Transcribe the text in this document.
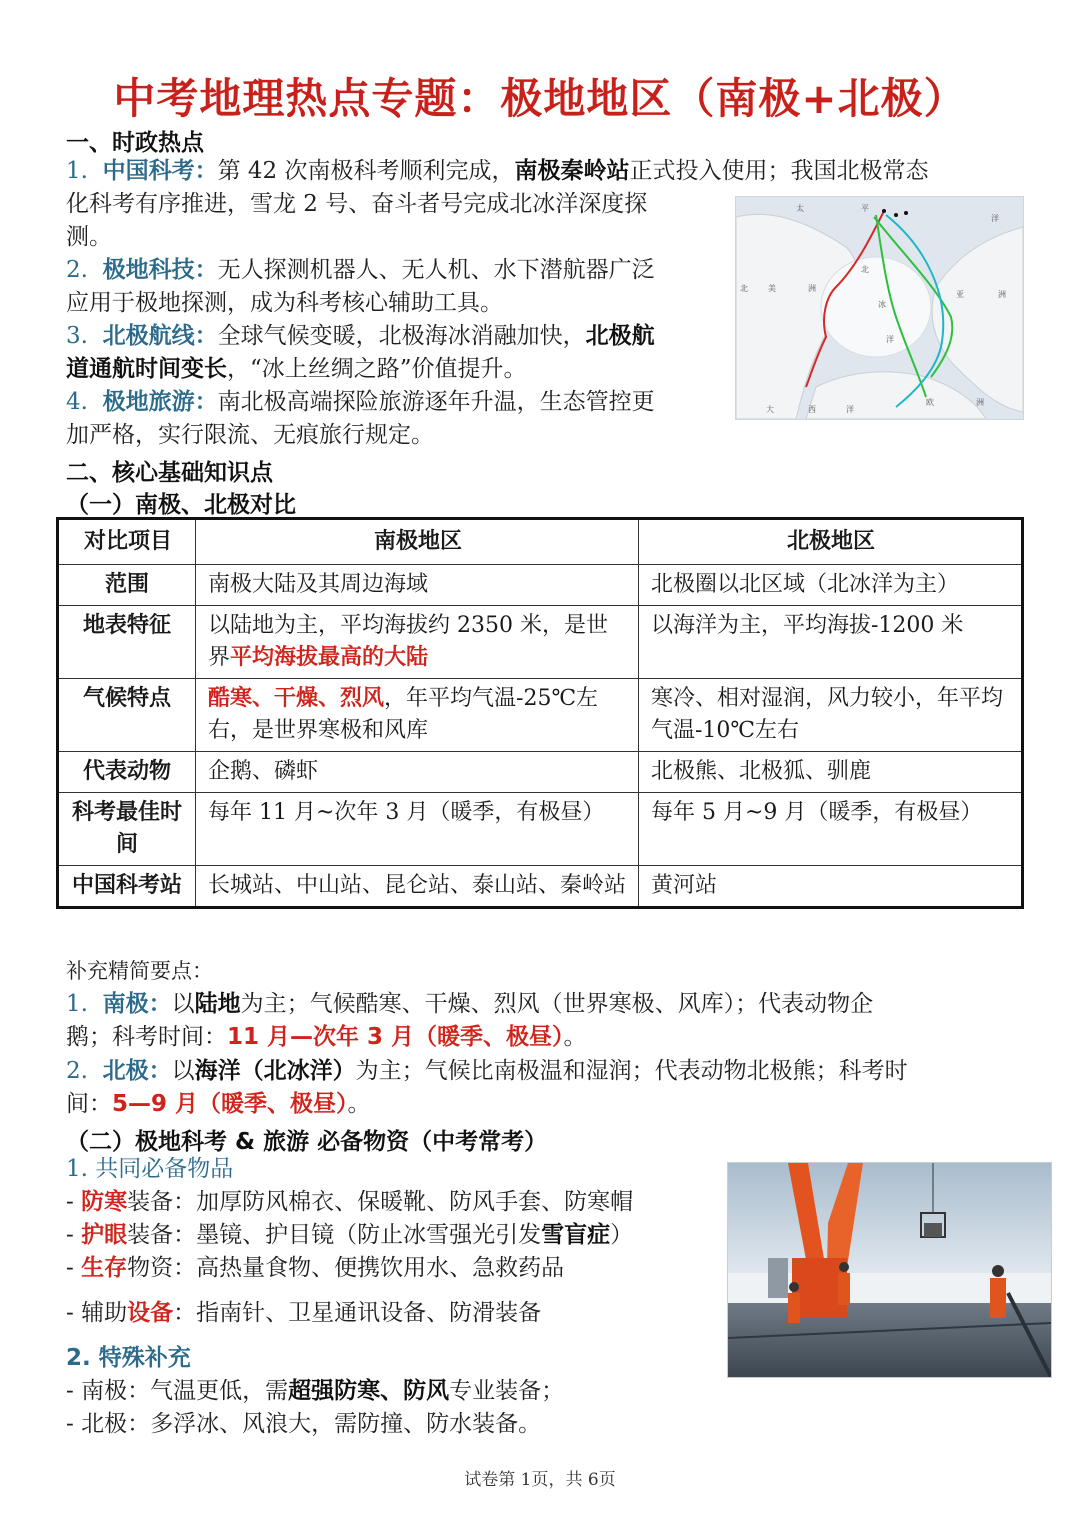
中考地理热点专题：极地地区（南极+北极）
一、时政热点
1. 中国科考：第 42 次南极科考顺利完成，南极秦岭站正式投入使用；我国北极常态
化科考有序推进，雪龙 2 号、奋斗者号完成北冰洋深度探
测。
2. 极地科技：无人探测机器人、无人机、水下潜航器广泛
应用于极地探测，成为科考核心辅助工具。
3. 北极航线：全球气候变暖，北极海冰消融加快，北极航
道通航时间变长，“冰上丝绸之路”价值提升。
4. 极地旅游：南北极高端探险旅游逐年升温，生态管控更
加严格，实行限流、无痕旅行规定。
太	平
洋
北	美	洲
北
冰
洋
亚	洲
大	西	洋
欧	洲
二、核心基础知识点
（一）南极、北极对比
对比项目	南极地区	北极地区
范围	南极大陆及其周边海域	北极圈以北区域（北冰洋为主）
地表特征	以陆地为主，平均海拔约 2350 米，是世界平均海拔最高的大陆	以海洋为主，平均海拔-1200 米
气候特点	酷寒、干燥、烈风，年平均气温-25℃左右，是世界寒极和风库	寒冷、相对湿润，风力较小，年平均气温-10℃左右
代表动物	企鹅、磷虾	北极熊、北极狐、驯鹿
科考最佳时间	每年 11 月~次年 3 月（暖季，有极昼）	每年 5 月~9 月（暖季，有极昼）
中国科考站	长城站、中山站、昆仑站、泰山站、秦岭站	黄河站
补充精简要点：
1. 南极：以陆地为主；气候酷寒、干燥、烈风（世界寒极、风库）；代表动物企
鹅；科考时间：11 月—次年 3 月（暖季、极昼）。
2. 北极：以海洋（北冰洋）为主；气候比南极温和湿润；代表动物北极熊；科考时
间：5—9 月（暖季、极昼）。
（二）极地科考 & 旅游 必备物资（中考常考）
1. 共同必备物品
- 防寒装备：加厚防风棉衣、保暖靴、防风手套、防寒帽
- 护眼装备：墨镜、护目镜（防止冰雪强光引发雪盲症）
- 生存物资：高热量食物、便携饮用水、急救药品
- 辅助设备：指南针、卫星通讯设备、防滑装备
2. 特殊补充
- 南极：气温更低，需超强防寒、防风专业装备；
- 北极：多浮冰、风浪大，需防撞、防水装备。
试卷第 1页，共 6页
